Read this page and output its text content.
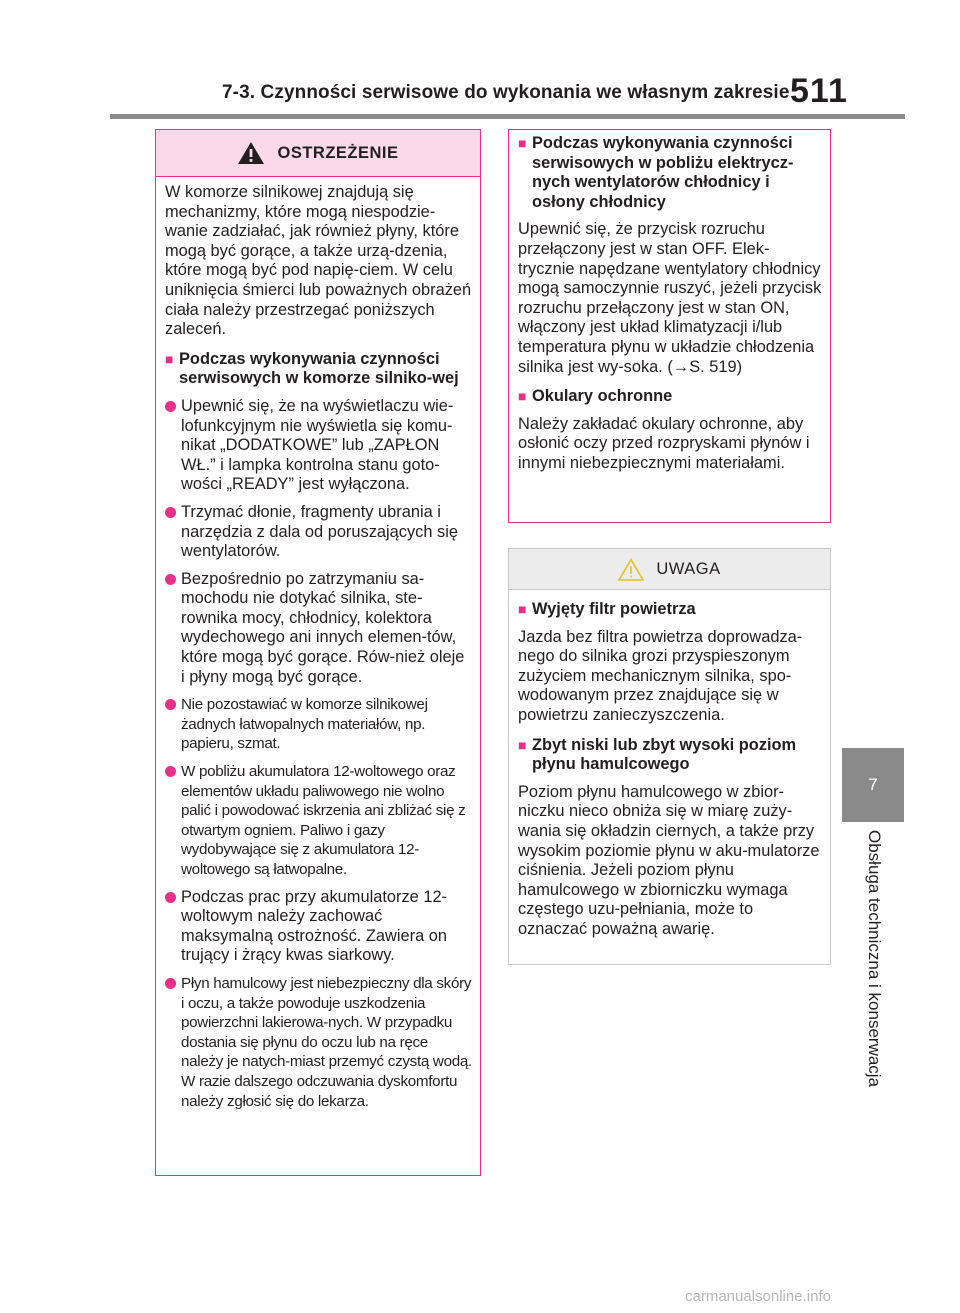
7-3. Czynności serwisowe do wykonania we własnym zakresie 511
OSTRZEŻENIE

W komorze silnikowej znajdują się mechanizmy, które mogą niespodzie-wanie zadziałać, jak również płyny, które mogą być gorące, a także urzą-dzenia, które mogą być pod napię-ciem. W celu uniknięcia śmierci lub poważnych obrażeń ciała należy przestrzegać poniższych zaleceń.

■ Podczas wykonywania czynności serwisowych w komorze silniko-wej
Upewnić się, że na wyświetlaczu wie-lofunkcyjnym nie wyświetla się komu-nikat „DODATKOWE” lub „ZAPŁON WŁ.” i lampka kontrolna stanu goto-wości „READY” jest wyłączona.
Trzymać dłonie, fragmenty ubrania i narzędzia z dala od poruszających się wentylatorów.
Bezpośrednio po zatrzymaniu sa-mochodu nie dotykać silnika, ste-rownika mocy, chłodnicy, kolektora wydechowego ani innych elemen-tów, które mogą być gorące. Rów-nież oleje i płyny mogą być gorące.
Nie pozostawiać w komorze silnikowej żadnych łatwopalnych materiałów, np. papieru, szmat.
W pobliżu akumulatora 12-woltowego oraz elementów układu paliwowego nie wolno palić i powodować iskrzenia ani zbliżać się z otwartym ogniem. Paliwo i gazy wydobywające się z akumulatora 12-woltowego są łatwopalne.
Podczas prac przy akumulatorze 12-woltowym należy zachować maksymalną ostrożność. Zawiera on trujący i żrący kwas siarkowy.
Płyn hamulcowy jest niebezpieczny dla skóry i oczu, a także powoduje uszkodzenia powierzchni lakierowa-nych. W przypadku dostania się płynu do oczu lub na ręce należy je natych-miast przemyć czystą wodą. W razie dalszego odczuwania dyskomfortu należy zgłosić się do lekarza.
■ Podczas wykonywania czynności serwisowych w pobliżu elektrycz-nych wentylatorów chłodnicy i osłony chłodnicy

Upewnić się, że przycisk rozruchu przełączony jest w stan OFF. Elek-trycznie napędzane wentylatory chłodnicy mogą samoczynnie ruszyć, jeżeli przycisk rozruchu przełączony jest w stan ON, włączony jest układ klimatyzacji i/lub temperatura płynu w układzie chłodzenia silnika jest wy-soka. (→S. 519)

■ Okulary ochronne

Należy zakładać okulary ochronne, aby osłonić oczy przed rozpryskami płynów i innymi niebezpiecznymi materiałami.

UWAGA
■ Wyjęty filtr powietrza

Jazda bez filtra powietrza doprowadza-nego do silnika grozi przyspieszonym zużyciem mechanicznym silnika, spo-wodowanym przez znajdujące się w powietrzu zanieczyszczenia.

■ Zbyt niski lub zbyt wysoki poziom płynu hamulcowego

Poziom płynu hamulcowego w zbior-niczku nieco obniża się w miarę zuży-wania się okładzin ciernych, a także przy wysokim poziomie płynu w aku-mulatorze ciśnienia. Jeżeli poziom płynu hamulcowego w zbiorniczku wymaga częstego uzu-pełniania, może to oznaczać poważną awarię.

7
Obsługa techniczna i konserwacja
carmanualsonline.info
